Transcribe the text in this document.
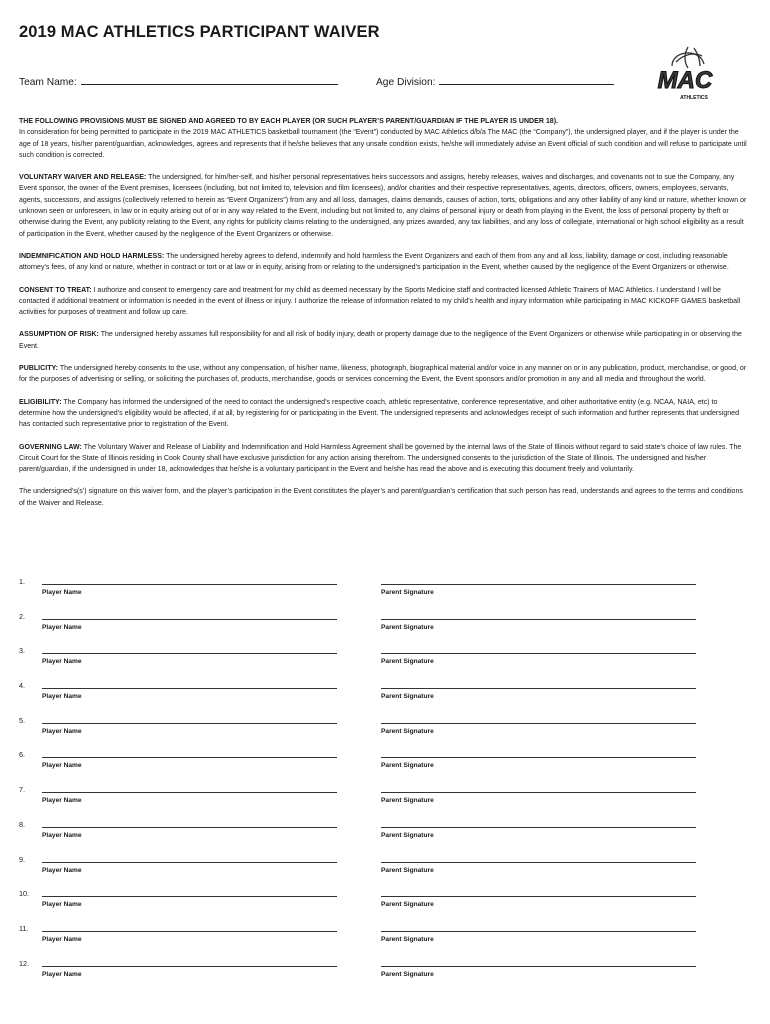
2019 MAC ATHLETICS PARTICIPANT WAIVER
Team Name:	Age Division:	MAC
ATHLETICS

THE FOLLOWING PROVISIONS MUST BE SIGNED AND AGREED TO BY EACH PLAYER (OR SUCH PLAYER’S PARENT/GUARDIAN IF THE PLAYER IS UNDER 18).

In consideration for being permitted to participate in the 2019 MAC ATHLETICS basketball tournament (the “Event”) conducted by MAC Athletics d/b/a The MAC (the “Company”), the undersigned player, and if the player is under the age of 18 years, his/her parent/guardian, acknowledges, agrees and represents that if he/she believes that any unsafe condition exists, he/she will immediately advise an Event official of such condition and will refuse to participate until such condition is corrected.

VOLUNTARY WAIVER AND RELEASE: The undersigned, for him/her-self, and his/her personal representatives heirs successors and assigns, hereby releases, waives and discharges, and covenants not to sue the Company, any Event sponsor, the owner of the Event premises, licensees (including, but not limited to, television and film licensees), and/or charities and their respective representatives, agents, directors, officers, owners, employees, servants, agents, successors, and assigns (collectively referred to herein as “Event Organizers”) from any and all loss, damages, claims demands, causes of action, torts, obligations and any other liability of any kind or nature, whether known or unknown seen or unforeseen, in law or in equity arising out of or in any way related to the Event, including but not limited to, any claims of personal injury or death from playing in the Event, the loss of personal property by theft or otherwise during the Event, any publicity relating to the Event, any rights for publicity claims relating to the undersigned, any prizes awarded, any tax liabilities, and any loss of collegiate, international or high school eligibility as a result of participation in the Event, whether caused by the negligence of the Event Organizers or otherwise.

INDEMNIFICATION AND HOLD HARMLESS: The undersigned hereby agrees to defend, indemnify and hold harmless the Event Organizers and each of them from any and all loss, liability, damage or cost, including reasonable attorney’s fees, of any kind or nature, whether in contract or tort or at law or in equity, arising from or relating to the undersigned’s participation in the Event, whether caused by the negligence of the Event Organizers or otherwise.

CONSENT TO TREAT: I authorize and consent to emergency care and treatment for my child as deemed necessary by the Sports Medicine staff and contracted licensed Athletic Trainers of MAC Athletics. I understand I will be contacted if additional treatment or information is needed in the event of illness or injury. I authorize the release of information related to my child’s health and injury information while participating in MAC KICKOFF GAMES basketball activities for purposes of treatment and follow up care.

ASSUMPTION OF RISK: The undersigned hereby assumes full responsibility for and all risk of bodily injury, death or property damage due to the negligence of the Event Organizers or otherwise while participating in or observing the Event.

PUBLICITY: The undersigned hereby consents to the use, without any compensation, of his/her name, likeness, photograph, biographical material and/or voice in any manner on or in any publication, product, merchandise, or good, or for the purposes of advertising or selling, or soliciting the purchases of, products, merchandise, goods or services concerning the Event, the Event sponsors and/or promotion in any and all media and throughout the world.

ELIGIBILITY: The Company has informed the undersigned of the need to contact the undersigned’s respective coach, athletic representative, conference representative, and other authoritative entity (e.g. NCAA, NAIA, etc) to determine how the undersigned’s eligibility would be affected, if at all, by registering for or participating in the Event. The undersigned represents and acknowledges receipt of such information and further represents that undersigned has contacted such representative prior to registration of the Event.

GOVERNING LAW: The Voluntary Waiver and Release of Liability and Indemnification and Hold Harmless Agreement shall be governed by the internal laws of the State of Illinois without regard to said state’s choice of law rules. The Circuit Court for the State of Illinois residing in Cook County shall have exclusive jurisdiction for any action arising therefrom. The undersigned consents to the jurisdiction of the State of Illinois. The undersigned and his/her parent/guardian, if the undersigned in under 18, acknowledges that he/she is a voluntary participant in the Event and he/she has read the above and is executing this document freely and voluntarily.

The undersigned’s(s’) signature on this waiver form, and the player’s participation in the Event constitutes the player’s and parent/guardian’s certification that such person has read, understands and agrees to the terms and conditions of the Waiver and Release.

1.
Player Name	Parent Signature
2.
Player Name	Parent Signature
3.
Player Name	Parent Signature
4.
Player Name	Parent Signature
5.
Player Name	Parent Signature
6.
Player Name	Parent Signature
7.
Player Name	Parent Signature
8.
Player Name	Parent Signature
9.
Player Name	Parent Signature
10.
Player Name	Parent Signature
11.
Player Name	Parent Signature
12.
Player Name	Parent Signature
